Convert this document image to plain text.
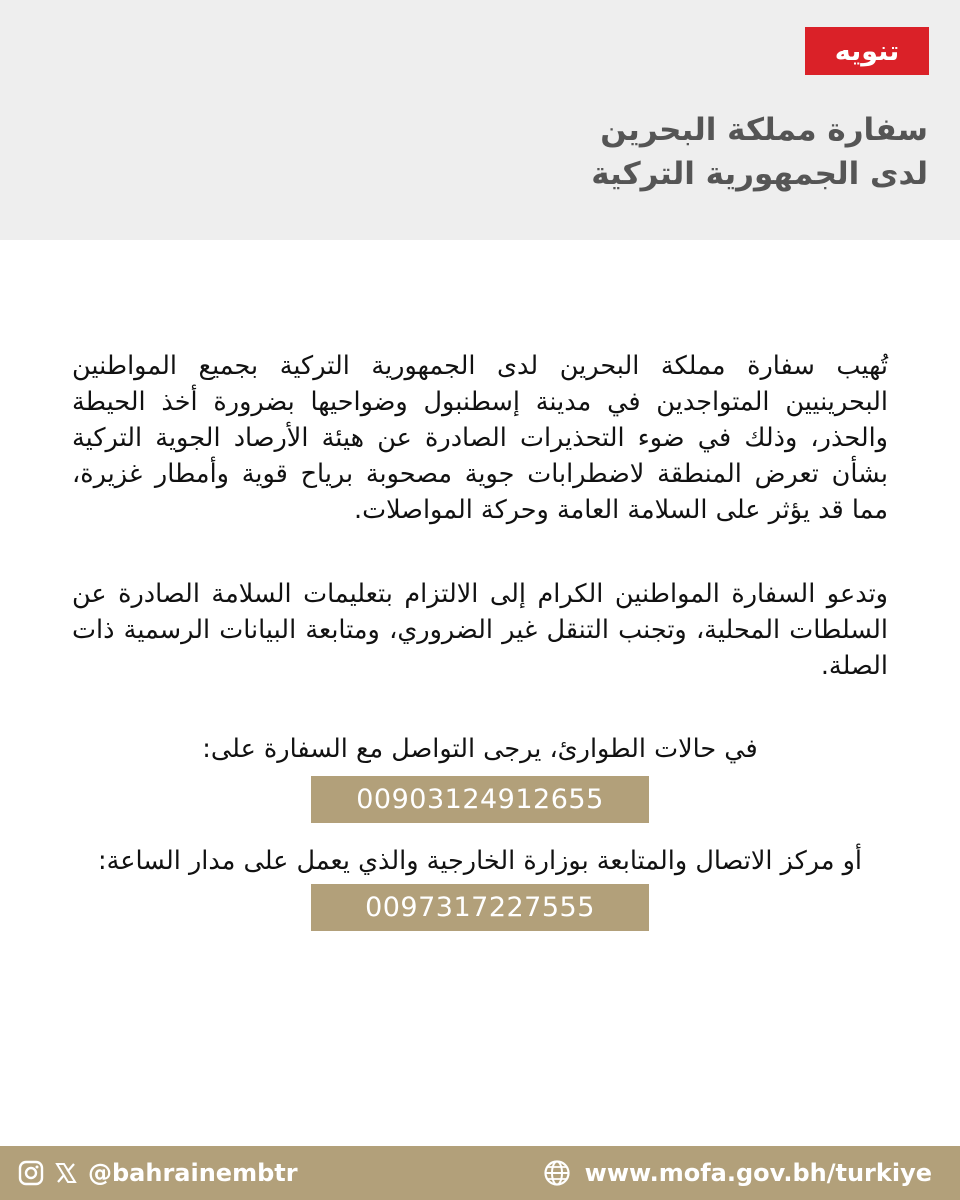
تنويه
سفارة مملكة البحرين
لدى الجمهورية التركية

تُهيب سفارة مملكة البحرين لدى الجمهورية التركية بجميع المواطنين البحرينيين المتواجدين في مدينة إسطنبول وضواحيها بضرورة أخذ الحيطة والحذر، وذلك في ضوء التحذيرات الصادرة عن هيئة الأرصاد الجوية التركية بشأن تعرض المنطقة لاضطرابات جوية مصحوبة برياح قوية وأمطار غزيرة، مما قد يؤثر على السلامة العامة وحركة المواصلات.

وتدعو السفارة المواطنين الكرام إلى الالتزام بتعليمات السلامة الصادرة عن السلطات المحلية، وتجنب التنقل غير الضروري، ومتابعة البيانات الرسمية ذات الصلة.

في حالات الطوارئ، يرجى التواصل مع السفارة على:
00903124912655
أو مركز الاتصال والمتابعة بوزارة الخارجية والذي يعمل على مدار الساعة:
0097317227555
@bahrainembtr	www.mofa.gov.bh/turkiye
